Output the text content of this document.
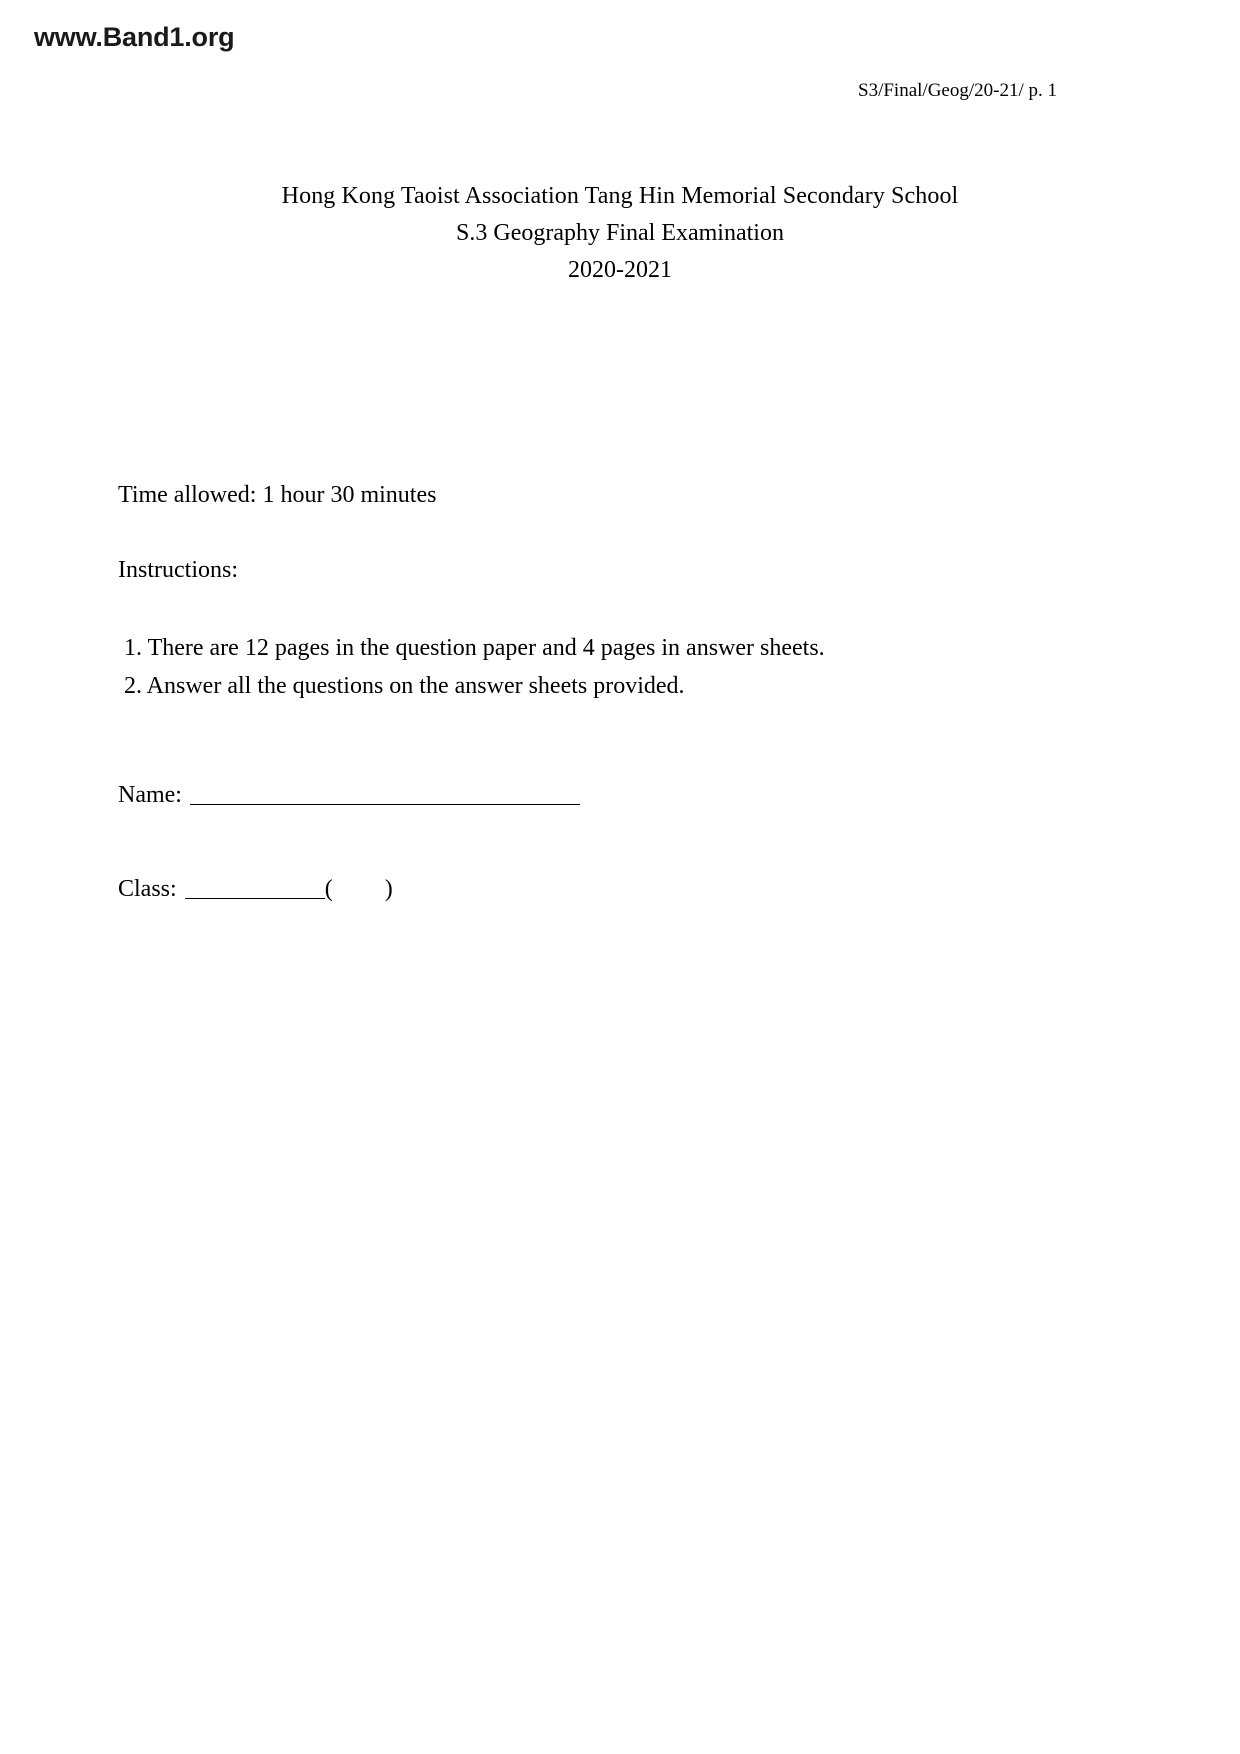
www.Band1.org
S3/Final/Geog/20-21/ p. 1
Hong Kong Taoist Association Tang Hin Memorial Secondary School
S.3 Geography Final Examination
2020-2021
Time allowed: 1 hour 30 minutes
Instructions:
1. There are 12 pages in the question paper and 4 pages in answer sheets.
2. Answer all the questions on the answer sheets provided.
Name:
Class:	( )
